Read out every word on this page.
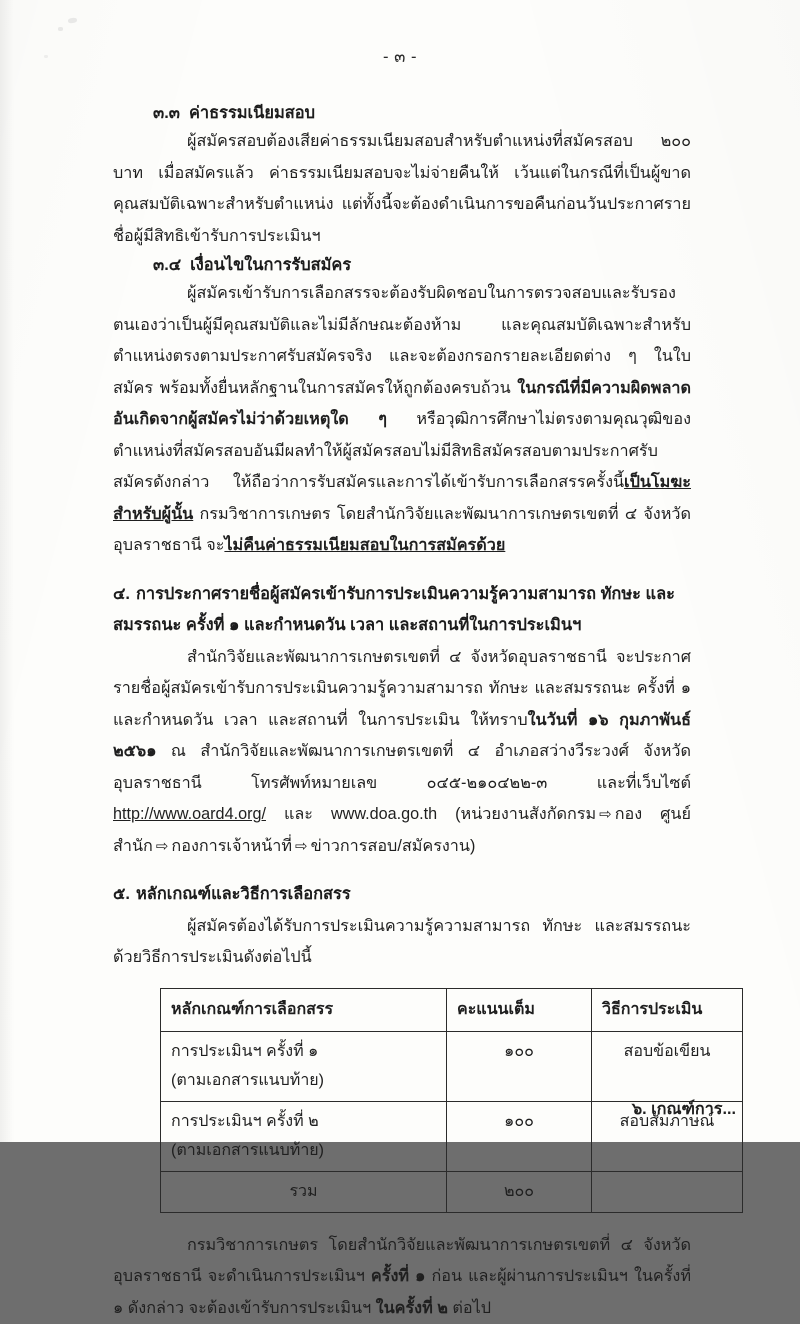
- ๓ -
๓.๓ ค่าธรรมเนียมสอบ

ผู้สมัครสอบต้องเสียค่าธรรมเนียมสอบสำหรับตำแหน่งที่สมัครสอบ ๒๐๐ บาท เมื่อสมัครแล้ว ค่าธรรมเนียมสอบจะไม่จ่ายคืนให้ เว้นแต่ในกรณีที่เป็นผู้ขาดคุณสมบัติเฉพาะสำหรับตำแหน่ง แต่ทั้งนี้จะต้องดำเนินการขอคืนก่อนวันประกาศรายชื่อผู้มีสิทธิเข้ารับการประเมินฯ

๓.๔ เงื่อนไขในการรับสมัคร

ผู้สมัครเข้ารับการเลือกสรรจะต้องรับผิดชอบในการตรวจสอบและรับรองตนเองว่าเป็นผู้มีคุณสมบัติและไม่มีลักษณะต้องห้าม และคุณสมบัติเฉพาะสำหรับตำแหน่งตรงตามประกาศรับสมัครจริง และจะต้องกรอกรายละเอียดต่าง ๆ ในใบสมัคร พร้อมทั้งยื่นหลักฐานในการสมัครให้ถูกต้องครบถ้วน ในกรณีที่มีความผิดพลาดอันเกิดจากผู้สมัครไม่ว่าด้วยเหตุใด ๆ หรือวุฒิการศึกษาไม่ตรงตามคุณวุฒิของตำแหน่งที่สมัครสอบอันมีผลทำให้ผู้สมัครสอบไม่มีสิทธิสมัครสอบตามประกาศรับสมัครดังกล่าว ให้ถือว่าการรับสมัครและการได้เข้ารับการเลือกสรรครั้งนี้เป็นโมฆะสำหรับผู้นั้น กรมวิชาการเกษตร โดยสำนักวิจัยและพัฒนาการเกษตรเขตที่ ๔ จังหวัดอุบลราชธานี จะไม่คืนค่าธรรมเนียมสอบในการสมัครด้วย

๔. การประกาศรายชื่อผู้สมัครเข้ารับการประเมินความรู้ความสามารถ ทักษะ และสมรรถนะ ครั้งที่ ๑ และกำหนดวัน เวลา และสถานที่ในการประเมินฯ

สำนักวิจัยและพัฒนาการเกษตรเขตที่ ๔ จังหวัดอุบลราชธานี จะประกาศรายชื่อผู้สมัครเข้ารับการประเมินความรู้ความสามารถ ทักษะ และสมรรถนะ ครั้งที่ ๑ และกำหนดวัน เวลา และสถานที่ ในการประเมิน ให้ทราบในวันที่ ๑๖ กุมภาพันธ์ ๒๕๖๑ ณ สำนักวิจัยและพัฒนาการเกษตรเขตที่ ๔ อำเภอสว่างวีระวงศ์ จังหวัดอุบลราชธานี โทรศัพท์หมายเลข ๐๔๕-๒๑๐๔๒๒-๓ และที่เว็บไซต์ http://www.oard4.org/ และ www.doa.go.th (หน่วยงานสังกัดกรม ⇨ กอง ศูนย์ สำนัก ⇨ กองการเจ้าหน้าที่ ⇨ ข่าวการสอบ/สมัครงาน)

๕. หลักเกณฑ์และวิธีการเลือกสรร

ผู้สมัครต้องได้รับการประเมินความรู้ความสามารถ ทักษะ และสมรรถนะ ด้วยวิธีการประเมินดังต่อไปนี้

หลักเกณฑ์การเลือกสรร	คะแนนเต็ม	วิธีการประเมิน
การประเมินฯ ครั้งที่ ๑
(ตามเอกสารแนบท้าย)	๑๐๐	สอบข้อเขียน
การประเมินฯ ครั้งที่ ๒
(ตามเอกสารแนบท้าย)	๑๐๐	สอบสัมภาษณ์
รวม	๒๐๐	

กรมวิชาการเกษตร โดยสำนักวิจัยและพัฒนาการเกษตรเขตที่ ๔ จังหวัดอุบลราชธานี จะดำเนินการประเมินฯ ครั้งที่ ๑ ก่อน และผู้ผ่านการประเมินฯ ในครั้งที่ ๑ ดังกล่าว จะต้องเข้ารับการประเมินฯ ในครั้งที่ ๒ ต่อไป

๖. เกณฑ์การ...
